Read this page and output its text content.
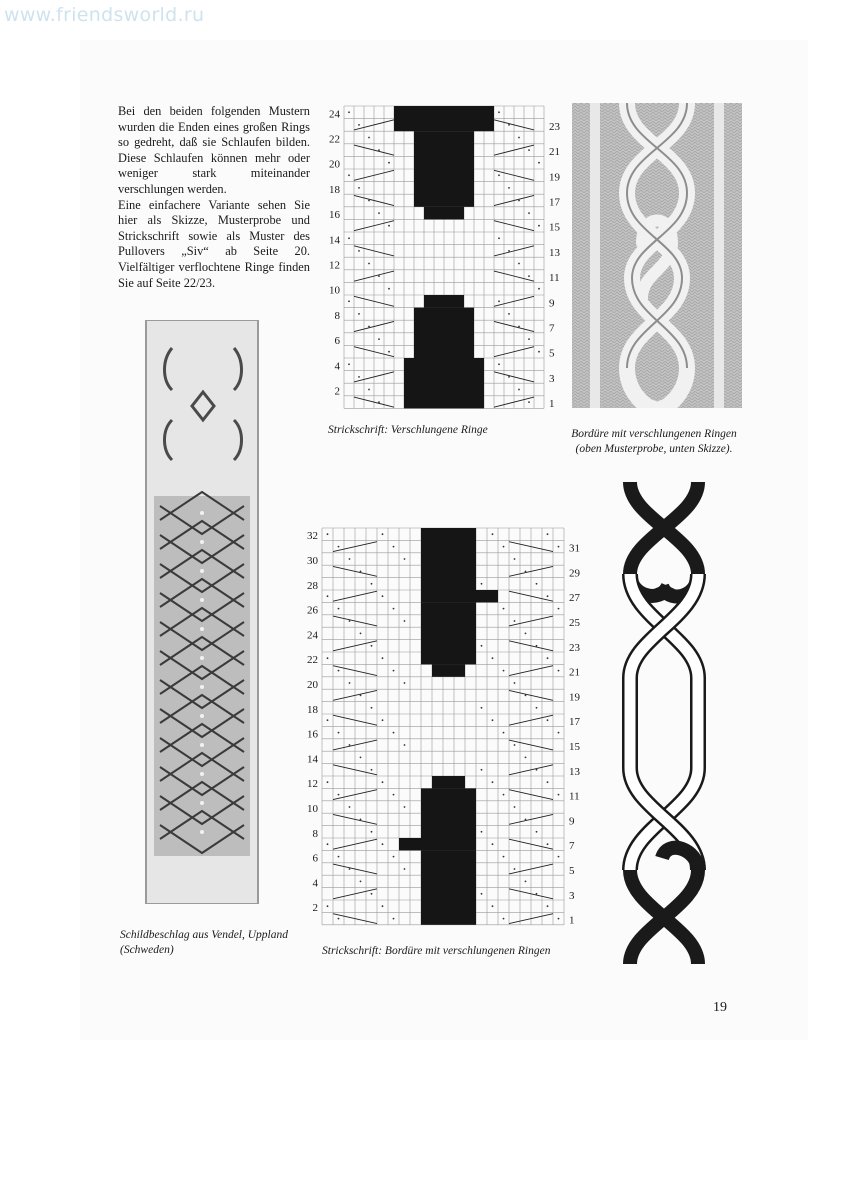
www.friendsworld.ru

Bei den beiden folgenden Mustern wurden die Enden eines großen Rings so gedreht, daß sie Schlaufen bilden. Diese Schlaufen können mehr oder weniger stark miteinander verschlungen werden.

Eine einfachere Variante sehen Sie hier als Skizze, Musterprobe und Strickschrift sowie als Muster des Pullovers „Siv“ ab Seite 20. Vielfältiger verflochtene Ringe finden Sie auf Seite 22/23.

24
22
20
18
16
14
12
10
8
6
4
2
23
21
19
17
15
13
11
9
7
5
3
1
Strickschrift: Verschlungene Ringe	Bordüre mit verschlungenen Ringen
(oben Musterprobe, unten Skizze).
Schildbeschlag aus Vendel, Uppland
(Schweden)
32
30
28
26
24
22
20
18
16
14
12
10
8
6
4
2
31
29
27
25
23
21
19
17
15
13
11
9
7
5
3
1
Strickschrift: Bordüre mit verschlungenen Ringen
19
